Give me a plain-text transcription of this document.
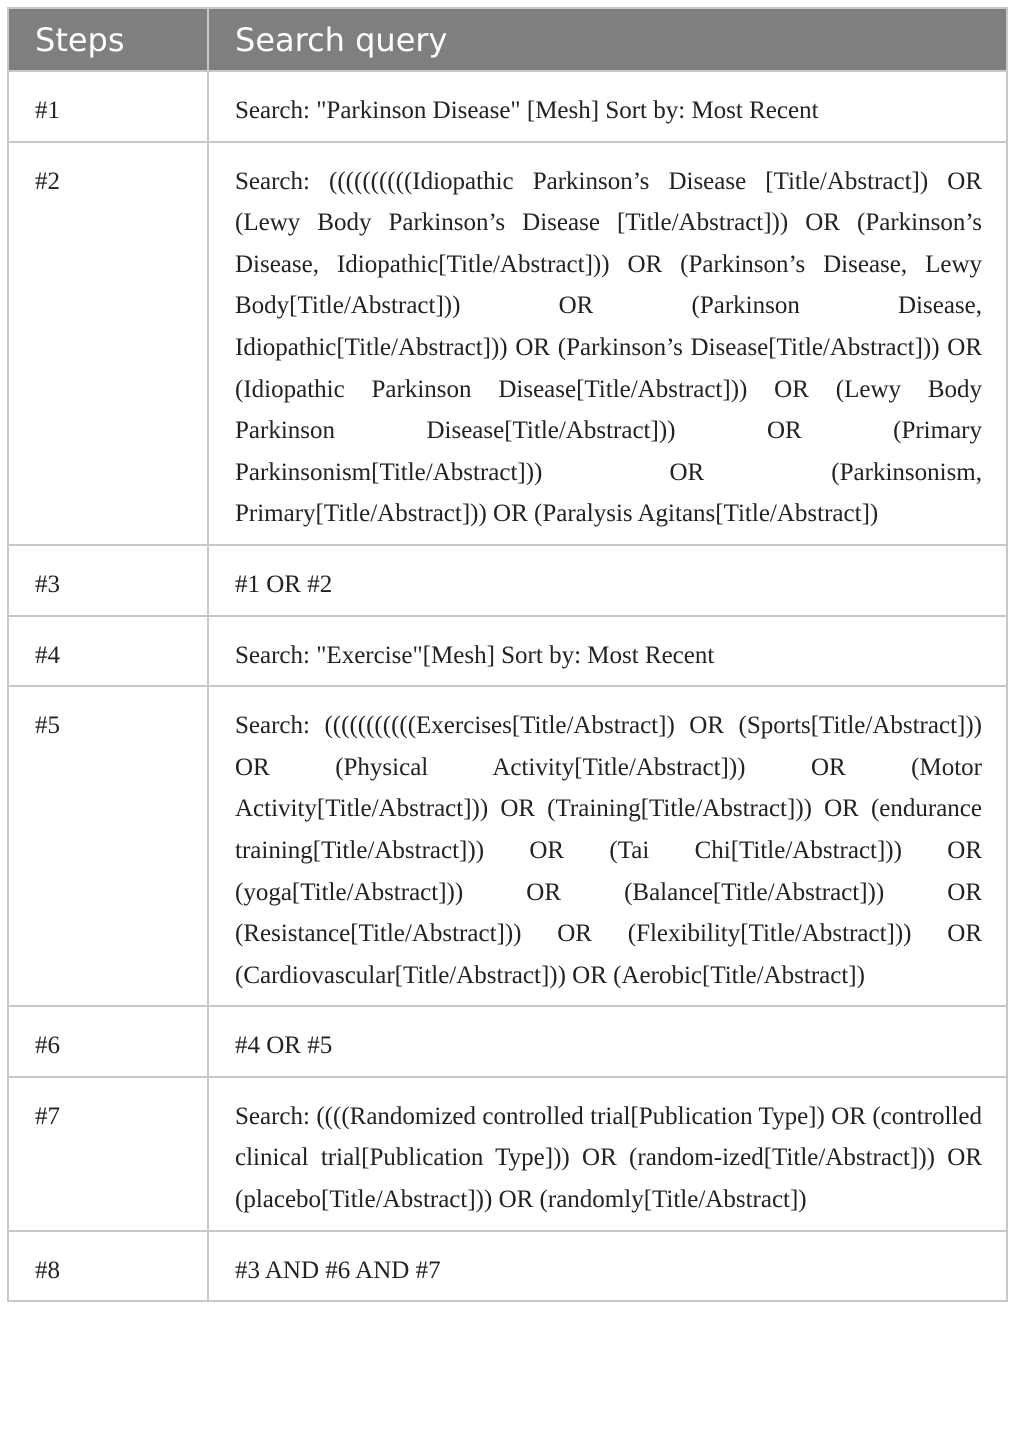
Steps	Search query
#1	Search: "Parkinson Disease" [Mesh] Sort by: Most Recent
#2	Search: ((((((((((Idiopathic Parkinson’s Disease [Title/Abstract]) OR (Lewy Body Parkinson’s Disease [Title/Abstract])) OR (Parkinson’s Disease, Idiopathic[Title/Abstract])) OR (Parkinson’s Disease, Lewy Body[Title/Abstract])) OR (Parkinson Disease, Idiopathic[Title/Abstract])) OR (Parkinson’s Disease[Title/Abstract])) OR (Idiopathic Parkinson Disease[Title/Abstract])) OR (Lewy Body Parkinson Disease[Title/Abstract])) OR (Primary Parkinsonism[Title/Abstract])) OR (Parkinsonism, Primary[Title/Abstract])) OR (Paralysis Agitans[Title/Abstract])
#3	#1 OR #2
#4	Search: "Exercise"[Mesh] Sort by: Most Recent
#5	Search: (((((((((((Exercises[Title/Abstract]) OR (Sports[Title/Abstract])) OR (Physical Activity[Title/Abstract])) OR (Motor Activity[Title/Abstract])) OR (Training[Title/Abstract])) OR (endurance training[Title/Abstract])) OR (Tai Chi[Title/Abstract])) OR (yoga[Title/Abstract])) OR (Balance[Title/Abstract])) OR (Resistance[Title/Abstract])) OR (Flexibility[Title/Abstract])) OR (Cardiovascular[Title/Abstract])) OR (Aerobic[Title/Abstract])
#6	#4 OR #5
#7	Search: ((((Randomized controlled trial[Publication Type]) OR (controlled clinical trial[Publication Type])) OR (random-ized[Title/Abstract])) OR (placebo[Title/Abstract])) OR (randomly[Title/Abstract])
#8	#3 AND #6 AND #7
